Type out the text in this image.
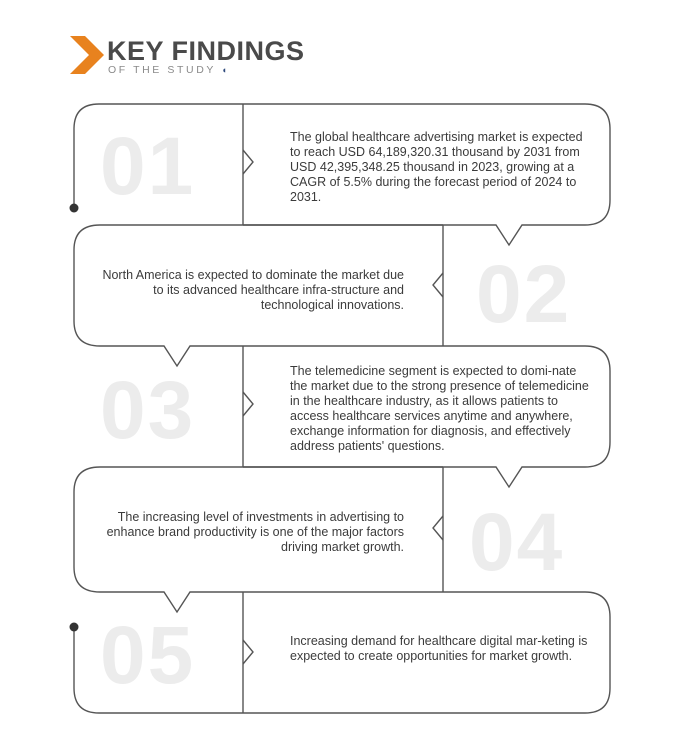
KEY FINDINGS
OF THE STUDY ◖
01	The global healthcare advertising market is expected to reach USD 64,189,320.31 thousand by 2031 from USD 42,395,348.25 thousand in 2023, growing at a CAGR of 5.5% during the forecast period of 2024 to 2031.
02
North America is expected to dominate the market due to its advanced healthcare infra-structure and technological innovations.
03	The telemedicine segment is expected to domi-nate the market due to the strong presence of telemedicine in the healthcare industry, as it allows patients to access healthcare services anytime and anywhere, exchange information for diagnosis, and effectively address patients' questions.
04
The increasing level of investments in advertising to enhance brand productivity is one of the major factors driving market growth.
05	Increasing demand for healthcare digital mar-keting is expected to create opportunities for market growth.
